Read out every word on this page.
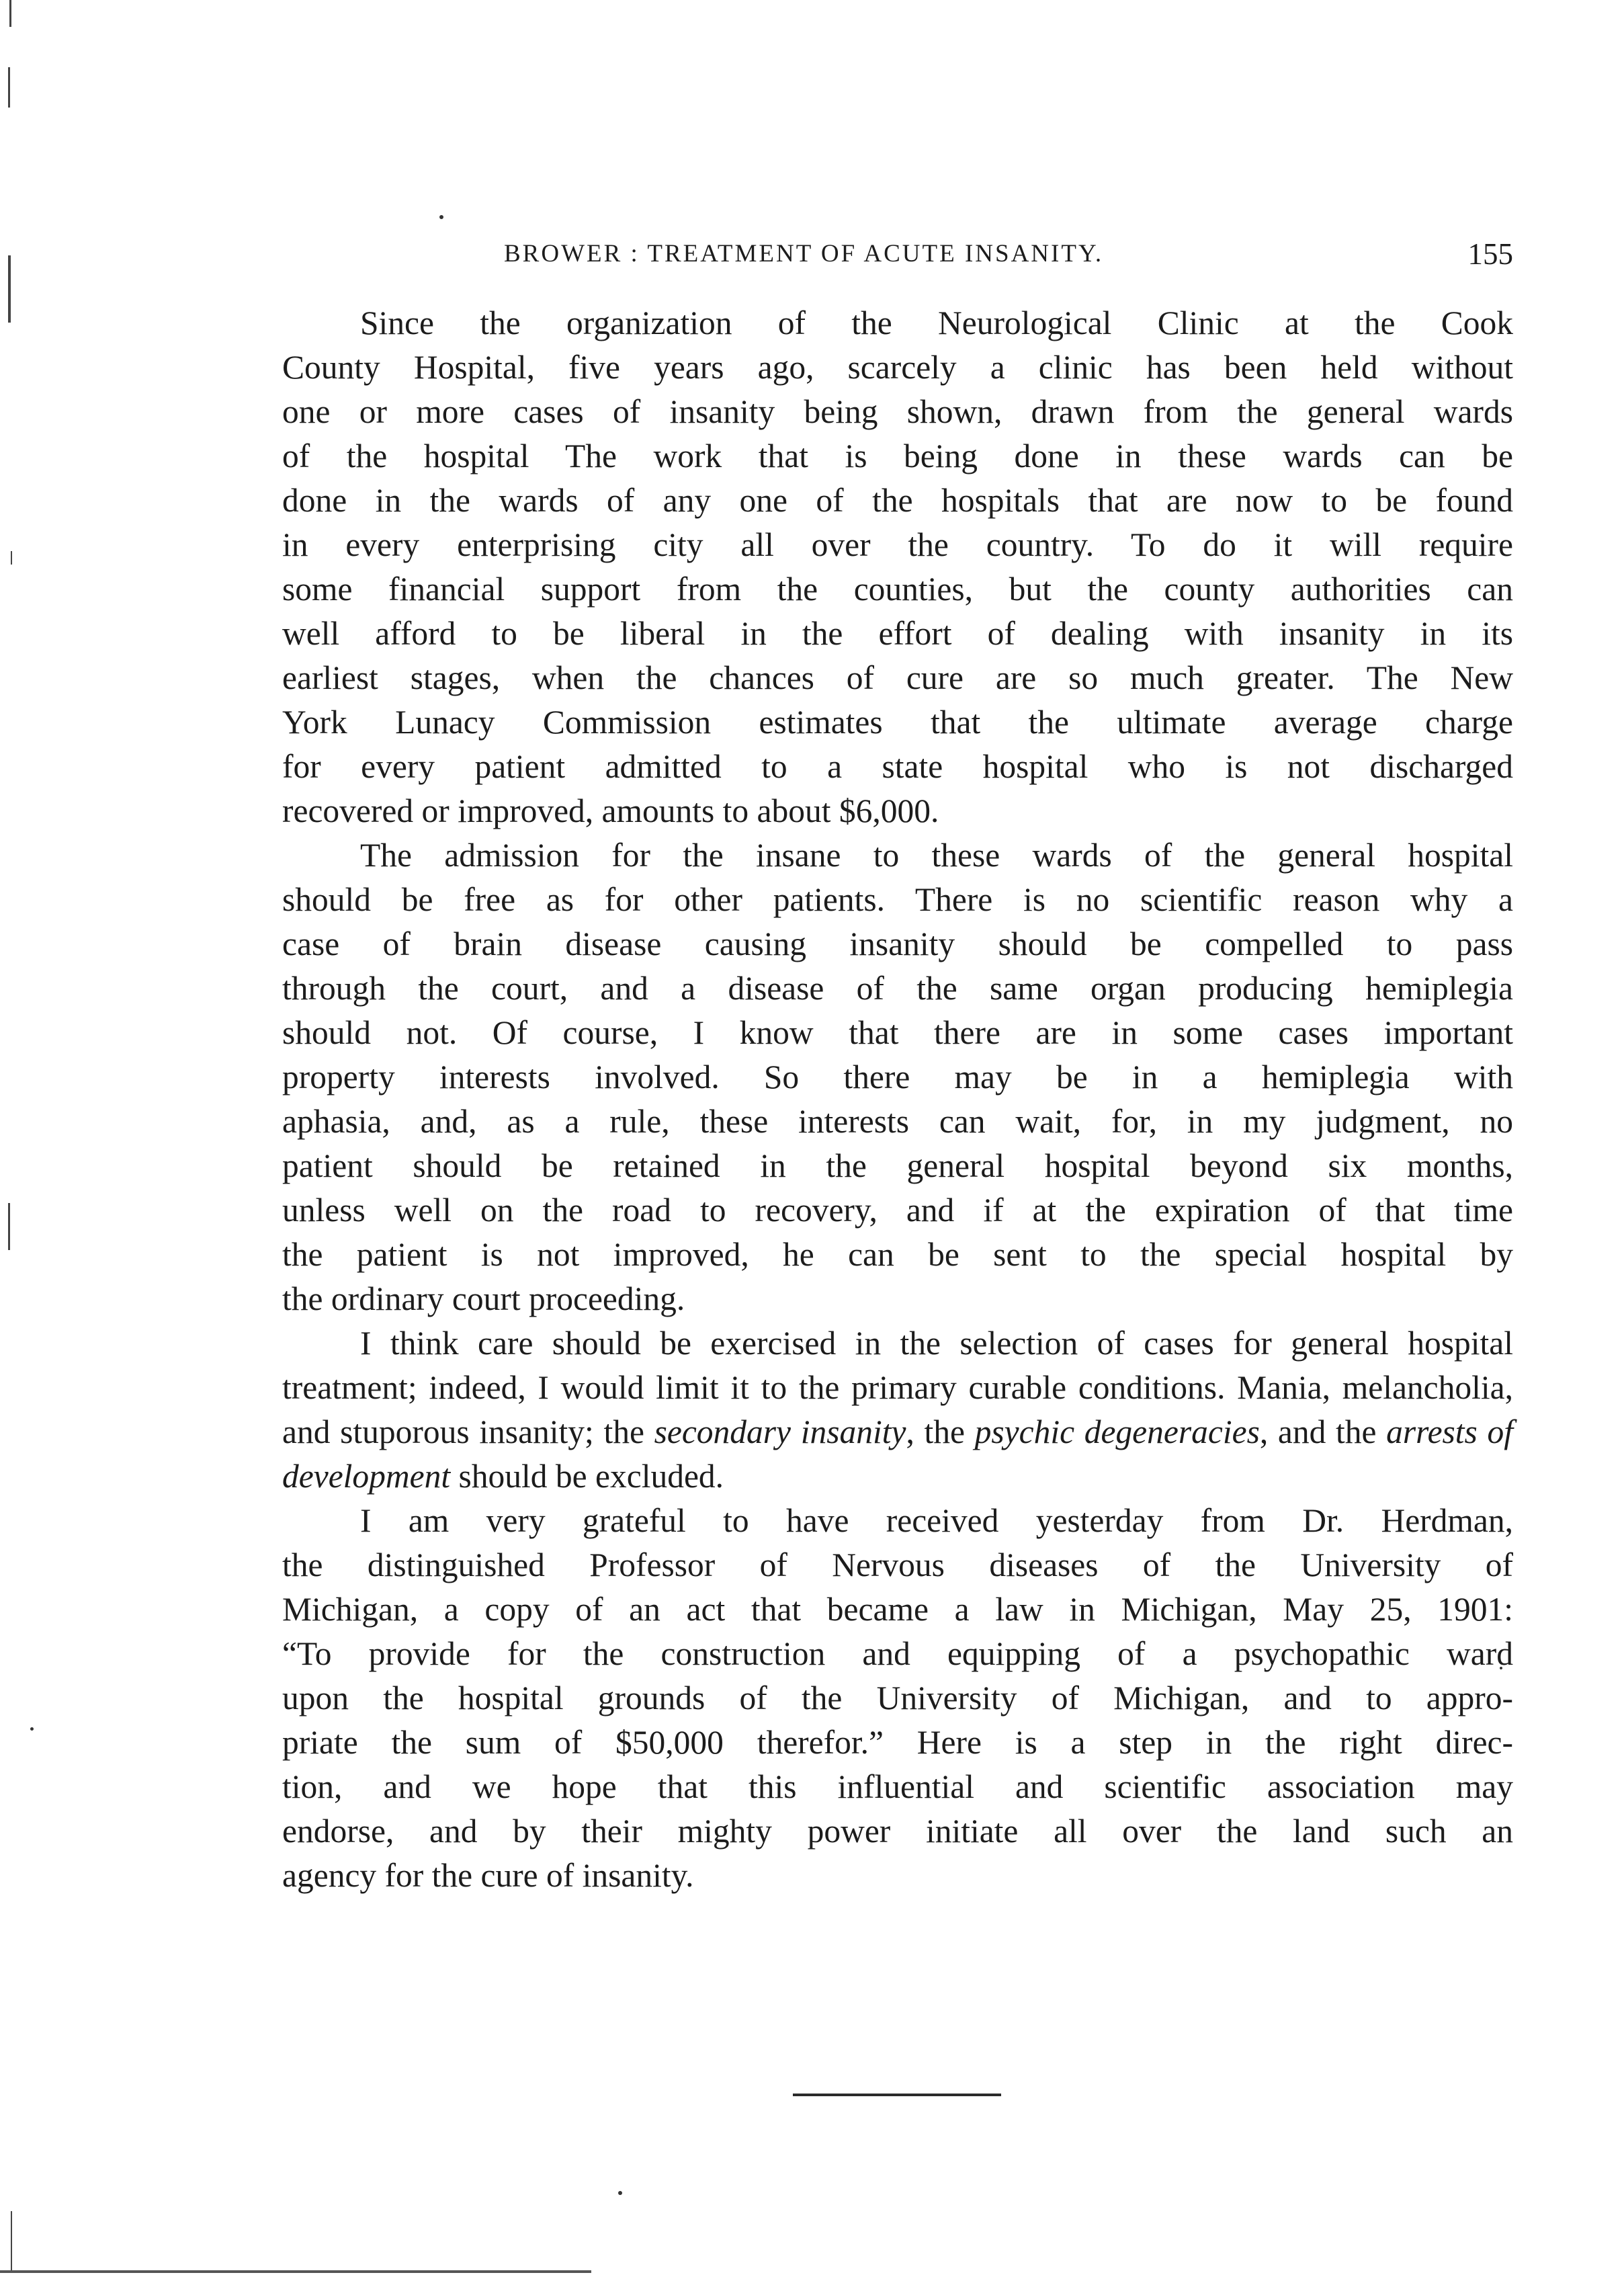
BROWER : TREATMENT OF ACUTE INSANITY.	155

Since the organization of the Neurological Clinic at the Cook
County Hospital, five years ago, scarcely a clinic has been held without
one or more cases of insanity being shown, drawn from the general wards
of the hospital The work that is being done in these wards can be
done in the wards of any one of the hospitals that are now to be found
in every enterprising city all over the country. To do it will require
some financial support from the counties, but the county authorities can
well afford to be liberal in the effort of dealing with insanity in its
earliest stages, when the chances of cure are so much greater. The New
York Lunacy Commission estimates that the ultimate average charge
for every patient admitted to a state hospital who is not discharged
recovered or improved, amounts to about $6,000.

The admission for the insane to these wards of the general hospital
should be free as for other patients. There is no scientific reason why a
case of brain disease causing insanity should be compelled to pass
through the court, and a disease of the same organ producing hemiplegia
should not. Of course, I know that there are in some cases important
property interests involved. So there may be in a hemiplegia with
aphasia, and, as a rule, these interests can wait, for, in my judgment, no
patient should be retained in the general hospital beyond six months,
unless well on the road to recovery, and if at the expiration of that time
the patient is not improved, he can be sent to the special hospital by
the ordinary court proceeding.

I think care should be exercised in the selection of cases for general hospital treatment; indeed, I would limit it to the primary curable conditions. Mania, melancholia, and stuporous insanity; the secondary insanity, the psychic degeneracies, and the arrests of development should be excluded.

I am very grateful to have received yesterday from Dr. Herdman,
the distinguished Professor of Nervous diseases of the University of
Michigan, a copy of an act that became a law in Michigan, May 25, 1901:
“To provide for the construction and equipping of a psychopathic ward
upon the hospital grounds of the University of Michigan, and to appro-
priate the sum of $50,000 therefor.” Here is a step in the right direc-
tion, and we hope that this influential and scientific association may
endorse, and by their mighty power initiate all over the land such an
agency for the cure of insanity.
